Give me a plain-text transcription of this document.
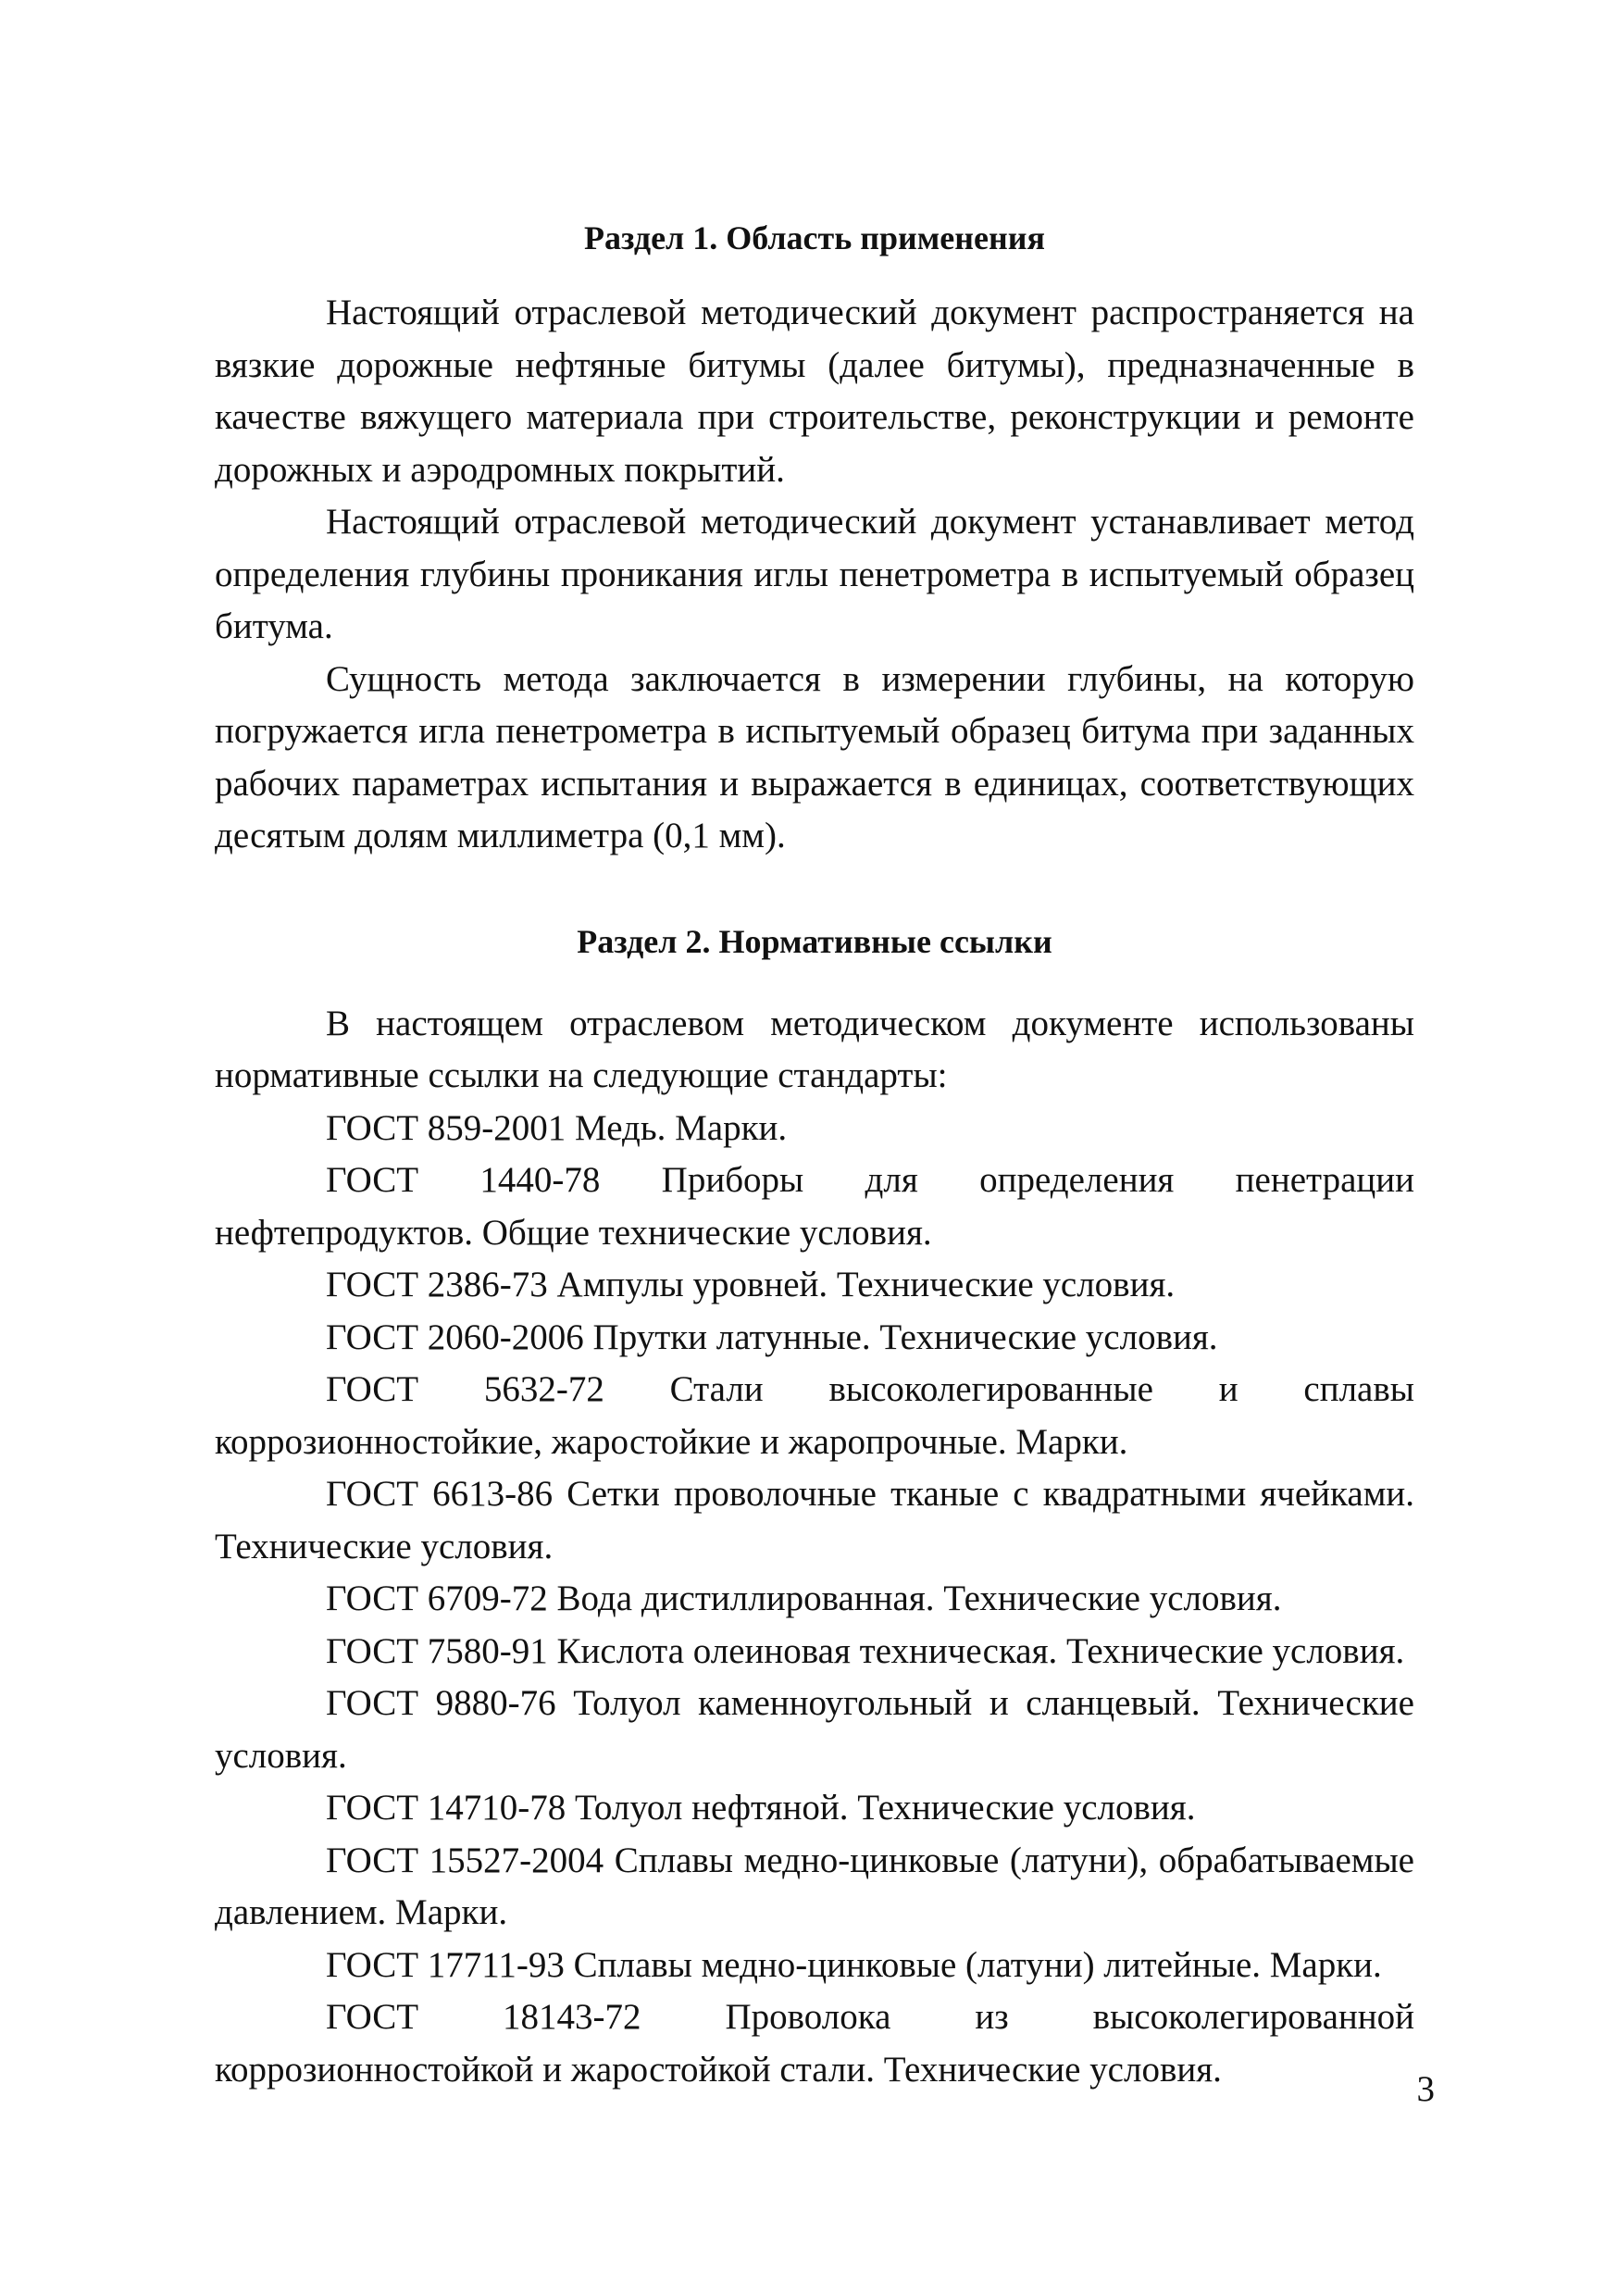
Раздел 1. Область применения

Настоящий отраслевой методический документ распространяется на вязкие дорожные нефтяные битумы (далее битумы), предназначенные в качестве вяжущего материала при строительстве, реконструкции и ремонте дорожных и аэродромных покрытий.

Настоящий отраслевой методический документ устанавливает метод определения глубины проникания иглы пенетрометра в испытуемый образец битума.

Сущность метода заключается в измерении глубины, на которую погружается игла пенетрометра в испытуемый образец битума при заданных рабочих параметрах испытания и выражается в единицах, соответствующих десятым долям миллиметра (0,1 мм).

Раздел 2. Нормативные ссылки

В настоящем отраслевом методическом документе использованы нормативные ссылки на следующие стандарты:

ГОСТ 859-2001 Медь. Марки.

ГОСТ 1440-78 Приборы для определения пенетрации нефтепродуктов. Общие технические условия.

ГОСТ 2386-73 Ампулы уровней. Технические условия.

ГОСТ 2060-2006 Прутки латунные. Технические условия.

ГОСТ 5632-72 Стали высоколегированные и сплавы коррозионностойкие, жаростойкие и жаропрочные. Марки.

ГОСТ 6613-86 Сетки проволочные тканые с квадратными ячейками. Технические условия.

ГОСТ 6709-72 Вода дистиллированная. Технические условия.

ГОСТ 7580-91 Кислота олеиновая техническая. Технические условия.

ГОСТ 9880-76 Толуол каменноугольный и сланцевый. Технические условия.

ГОСТ 14710-78 Толуол нефтяной. Технические условия.

ГОСТ 15527-2004 Сплавы медно-цинковые (латуни), обрабатываемые давлением. Марки.

ГОСТ 17711-93 Сплавы медно-цинковые (латуни) литейные. Марки.

ГОСТ 18143-72 Проволока из высоколегированной коррозионностойкой и жаростойкой стали. Технические условия.	3
